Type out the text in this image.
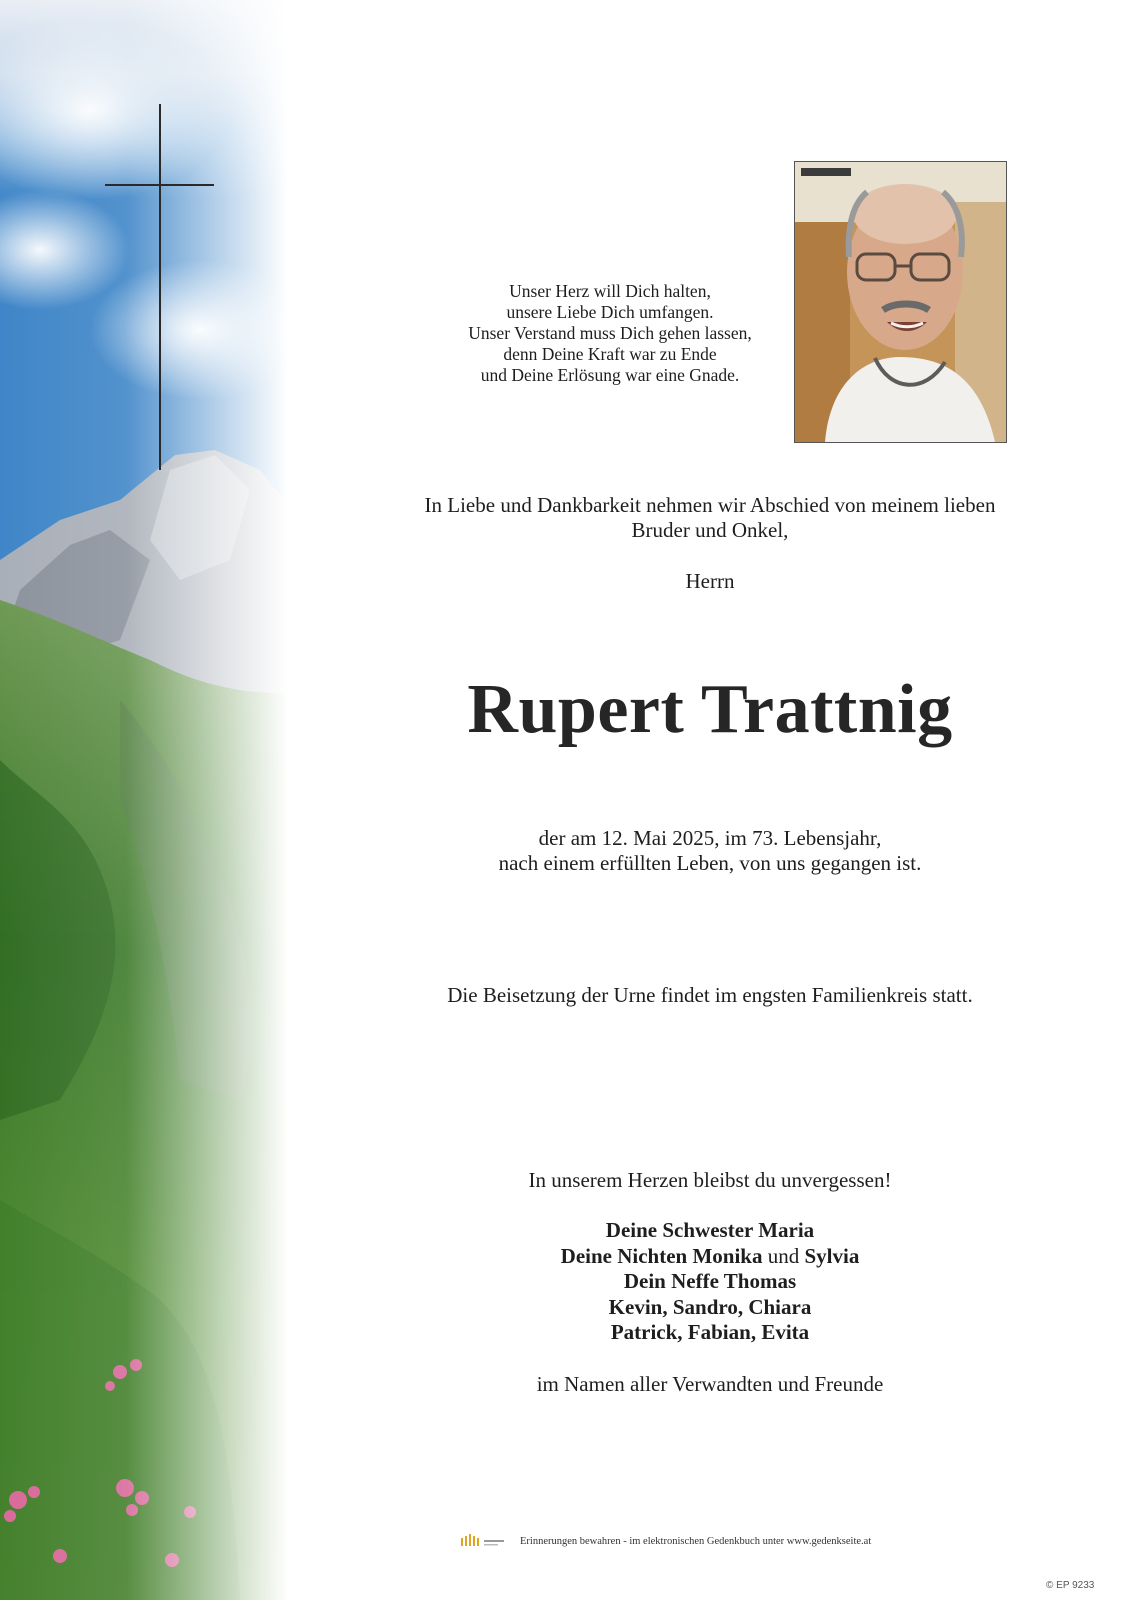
Unser Herz will Dich halten,
unsere Liebe Dich umfangen.
Unser Verstand muss Dich gehen lassen,
denn Deine Kraft war zu Ende
und Deine Erlösung war eine Gnade.
In Liebe und Dankbarkeit nehmen wir Abschied von meinem lieben
Bruder und Onkel,
Herrn
Rupert Trattnig
der am 12. Mai 2025, im 73. Lebensjahr,
nach einem erfüllten Leben, von uns gegangen ist.
Die Beisetzung der Urne findet im engsten Familienkreis statt.
In unserem Herzen bleibst du unvergessen!
Deine Schwester Maria
Deine Nichten Monika und Sylvia
Dein Neffe Thomas
Kevin, Sandro, Chiara
Patrick, Fabian, Evita
im Namen aller Verwandten und Freunde
Erinnerungen bewahren - im elektronischen Gedenkbuch unter www.gedenkseite.at
© EP 9233
